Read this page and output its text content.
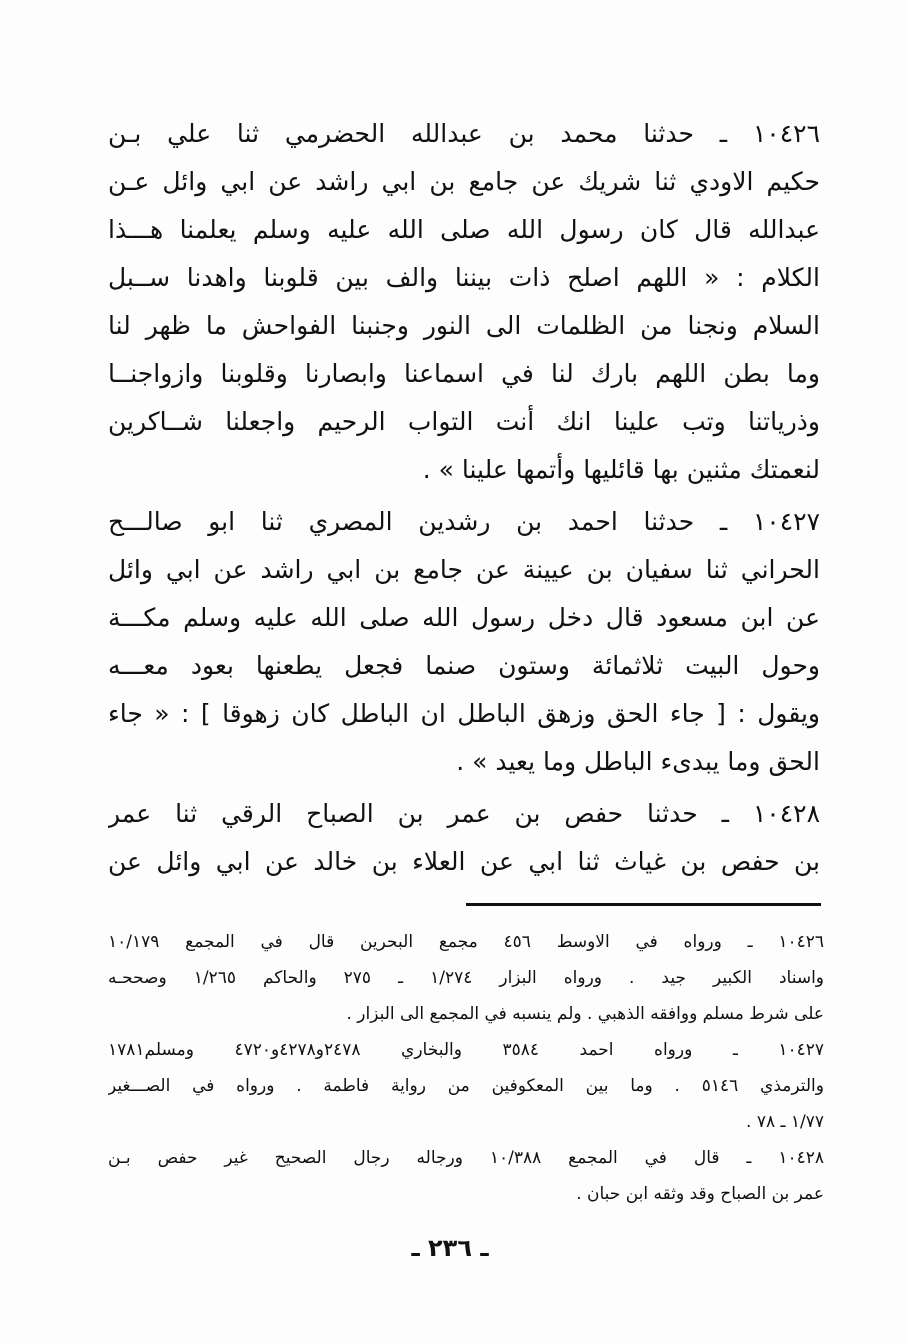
١٠٤٢٦ ـ حدثنا محمد بن عبدالله الحضرمي ثنا علي بـن
حكيم الاودي ثنا شريك عن جامع بن ابي راشد عن ابي وائل عـن
عبدالله قال كان رسول الله صلى الله عليه وسلم يعلمنا هـــذا
الكلام : « اللهم اصلح ذات بيننا والف بين قلوبنا واهدنا ســبل
السلام ونجنا من الظلمات الى النور وجنبنا الفواحش ما ظهر لنا
وما بطن اللهم بارك لنا في اسماعنا وابصارنا وقلوبنا وازواجنــا
وذرياتنا وتب علينا انك أنت التواب الرحيم واجعلنا شــاكرين
لنعمتك مثنين بها قائليها وأتمها علينا » .
١٠٤٢٧ ـ حدثنا احمد بن رشدين المصري ثنا ابو صالـــح
الحراني ثنا سفيان بن عيينة عن جامع بن ابي راشد عن ابي وائل
عن ابن مسعود قال دخل رسول الله صلى الله عليه وسلم مكـــة
وحول البيت ثلاثمائة وستون صنما فجعل يطعنها بعود معـــه
ويقول : [ جاء الحق وزهق الباطل ان الباطل كان زهوقا ] : « جاء
الحق وما يبدىء الباطل وما يعيد » .
١٠٤٢٨ ـ حدثنا حفص بن عمر بن الصباح الرقي ثنا عمر
بن حفص بن غياث ثنا ابي عن العلاء بن خالد عن ابي وائل عن
١٠٤٢٦ ـ ورواه في الاوسط ٤٥٦ مجمع البحرين قال في المجمع ١٠/١٧٩
واسناد الكبير جيد . ورواه البزار ١/٢٧٤ ـ ٢٧٥ والحاكم ١/٢٦٥ وصححـه
على شرط مسلم ووافقه الذهبي . ولم ينسبه في المجمع الى البزار .
١٠٤٢٧ ـ ورواه احمد ٣٥٨٤ والبخاري ٢٤٧٨و٤٢٧٨و٤٧٢٠ ومسلم١٧٨١
والترمذي ٥١٤٦ . وما بين المعكوفين من رواية فاطمة . ورواه في الصـــغير
١/٧٧ ـ ٧٨ .
١٠٤٢٨ ـ قال في المجمع ١٠/٣٨٨ ورجاله رجال الصحيح غير حفص بـن
عمر بن الصباح وقد وثقه ابن حبان .
ـ ٢٣٦ ـ
